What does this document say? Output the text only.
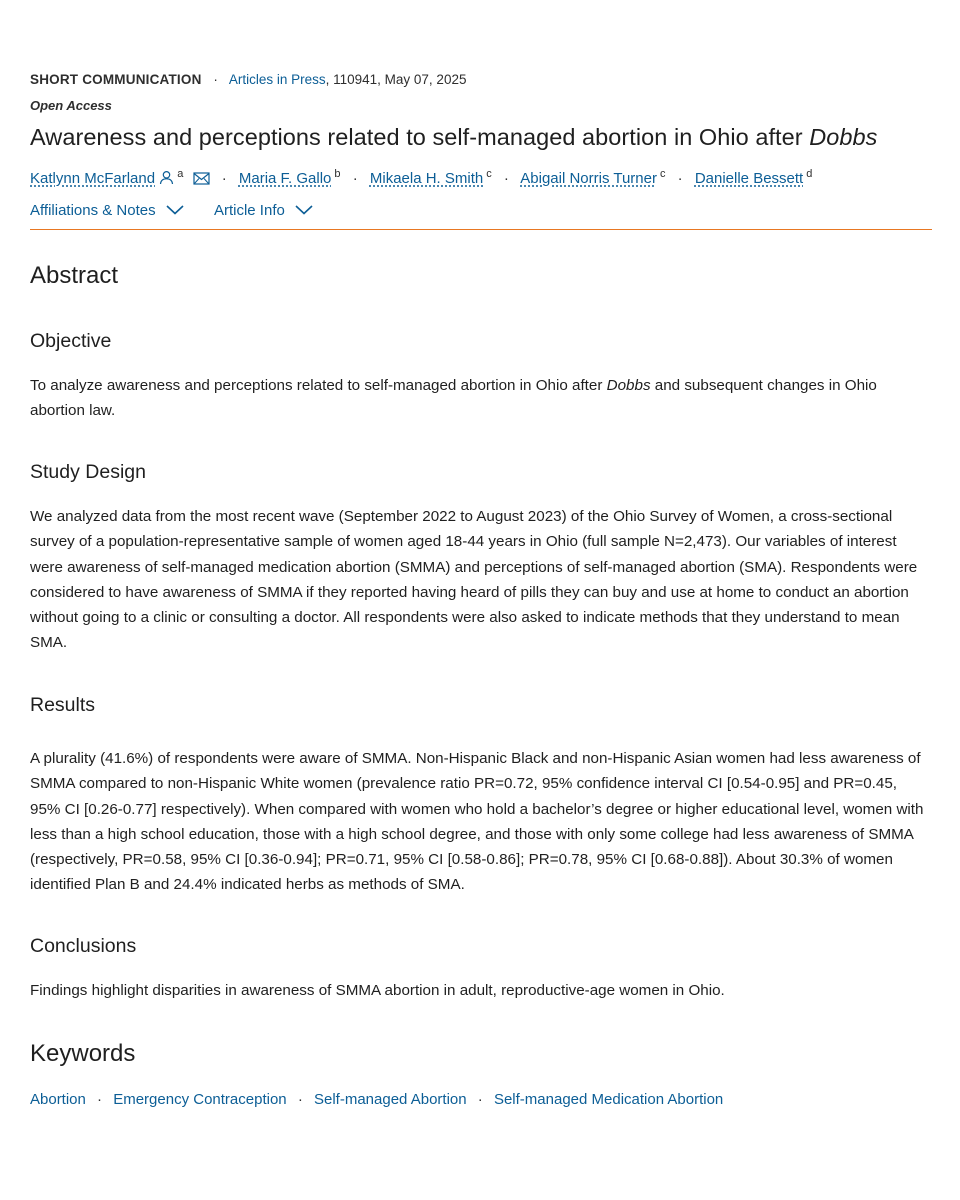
SHORT COMMUNICATION · Articles in Press, 110941, May 07, 2025
Open Access
Awareness and perceptions related to self-managed abortion in Ohio after Dobbs
Katlynn McFarland $^a$	· Maria F. Gallo $^b$ · Mikaela H. Smith $^c$ · Abigail Norris Turner $^c$ · Danielle Bessett $^d$
Affiliations & Notes	Article Info
Abstract
Objective

To analyze awareness and perceptions related to self-managed abortion in Ohio after Dobbs and subsequent changes in Ohio abortion law.

Study Design

We analyzed data from the most recent wave (September 2022 to August 2023) of the Ohio Survey of Women, a cross-sectional survey of a population-representative sample of women aged 18-44 years in Ohio (full sample N=2,473). Our variables of interest were awareness of self-managed medication abortion (SMMA) and perceptions of self-managed abortion (SMA). Respondents were considered to have awareness of SMMA if they reported having heard of pills they can buy and use at home to conduct an abortion without going to a clinic or consulting a doctor. All respondents were also asked to indicate methods that they understand to mean SMA.

Results

A plurality (41.6%) of respondents were aware of SMMA. Non-Hispanic Black and non-Hispanic Asian women had less awareness of SMMA compared to non-Hispanic White women (prevalence ratio PR=0.72, 95% confidence interval CI [0.54-0.95] and PR=0.45, 95% CI [0.26-0.77] respectively). When compared with women who hold a bachelor’s degree or higher educational level, women with less than a high school education, those with a high school degree, and those with only some college had less awareness of SMMA (respectively, PR=0.58, 95% CI [0.36-0.94]; PR=0.71, 95% CI [0.58-0.86]; PR=0.78, 95% CI [0.68-0.88]). About 30.3% of women identified Plan B and 24.4% indicated herbs as methods of SMA.

Conclusions

Findings highlight disparities in awareness of SMMA abortion in adult, reproductive-age women in Ohio.

Keywords
Abortion · Emergency Contraception · Self-managed Abortion · Self-managed Medication Abortion
